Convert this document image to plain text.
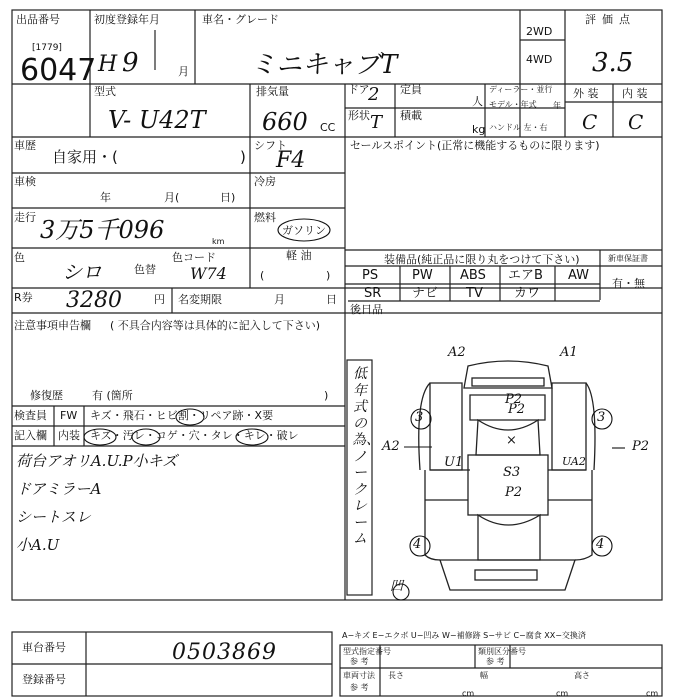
出品番号
[1779]
6047
初度登録年月
H 9	月
車名・グレード
ミニキャブT
2WD
4WD
評価点
3.5
型式
V- U42T
排気量
660 CC
ドア
2 定員
人
形状 T 積載
kg
ディーラー・並行
モデル・年式	年
ハンドル 左・右
外 装 内 装
C C
車歴
自家用・(	)
シフト
F4
セールスポイント(正常に機能するものに限ります)
車検
年	月(	日)
冷房
走行 3万5千096	km
燃料
ガソリン
軽 油
(	)
色
シロ	色替
色コード
W74
装備品(純正品に限り丸をつけて下さい)	新車保証書
有・無
PS	PW ABS エアB AW
SR ナビ TV カワ
R券 3280	円 名変期限	月	日
後日品
注意事項申告欄 ( 不具合内容等は具体的に記入して下さい)
修復歴	有 (箇所	)
検査員
記入欄
FW キズ・飛石・ヒビ割・リペア跡・X要
内装 キズ・汚レ・コゲ・穴・タレ・キレ・破レ
荷台アオリA.U.P小キズ
ドアミラーA
シートスレ
小A.U
低年式の為、ノークレーム
A2	A1
P2
P2
3	3
A2
U1
×
UA2
P2
S3
P2
4	4
凹
A−キズ E−エクボ U−凹み W−補修跡 S−サビ C−腐食 XX−交換済
車台番号	0503869
登録番号
型式指定番号
参 考
類別区分番号
参 考
車両寸法
参 考
長さ
cm
幅
cm
高さ
cm
